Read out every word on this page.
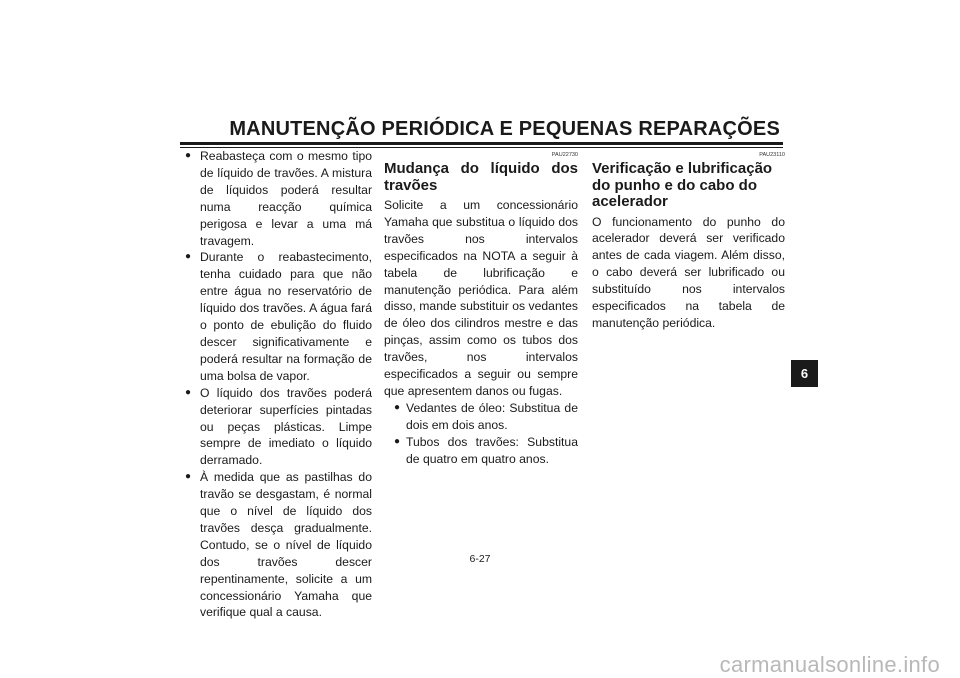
MANUTENÇÃO PERIÓDICA E PEQUENAS REPARAÇÕES

● Reabasteça com o mesmo tipo de líquido de travões. A mistura de líquidos poderá resultar numa reacção química perigosa e levar a uma má travagem.

● Durante o reabastecimento, tenha cuidado para que não entre água no reservatório de líquido dos travões. A água fará o ponto de ebulição do fluido descer significativamente e poderá resultar na formação de uma bolsa de vapor.

● O líquido dos travões poderá deteriorar superfícies pintadas ou peças plásticas. Limpe sempre de imediato o líquido derramado.

● À medida que as pastilhas do travão se desgastam, é normal que o nível de líquido dos travões desça gradualmente. Contudo, se o nível de líquido dos travões descer repentinamente, solicite a um concessionário Yamaha que verifique qual a causa.

PAU22730
Mudança do líquido dos travões
Solicite a um concessionário Yamaha que substitua o líquido dos travões nos intervalos especificados na NOTA a seguir à tabela de lubrificação e manutenção periódica. Para além disso, mande substituir os vedantes de óleo dos cilindros mestre e das pinças, assim como os tubos dos travões, nos intervalos especificados a seguir ou sempre que apresentem danos ou fugas.

● Vedantes de óleo: Substitua de dois em dois anos.

● Tubos dos travões: Substitua de quatro em quatro anos.

PAU23110
Verificação e lubrificação do punho e do cabo do acelerador
O funcionamento do punho do acelerador deverá ser verificado antes de cada viagem. Além disso, o cabo deverá ser lubrificado ou substituído nos intervalos especificados na tabela de manutenção periódica.
6
6-27
carmanualsonline.info
